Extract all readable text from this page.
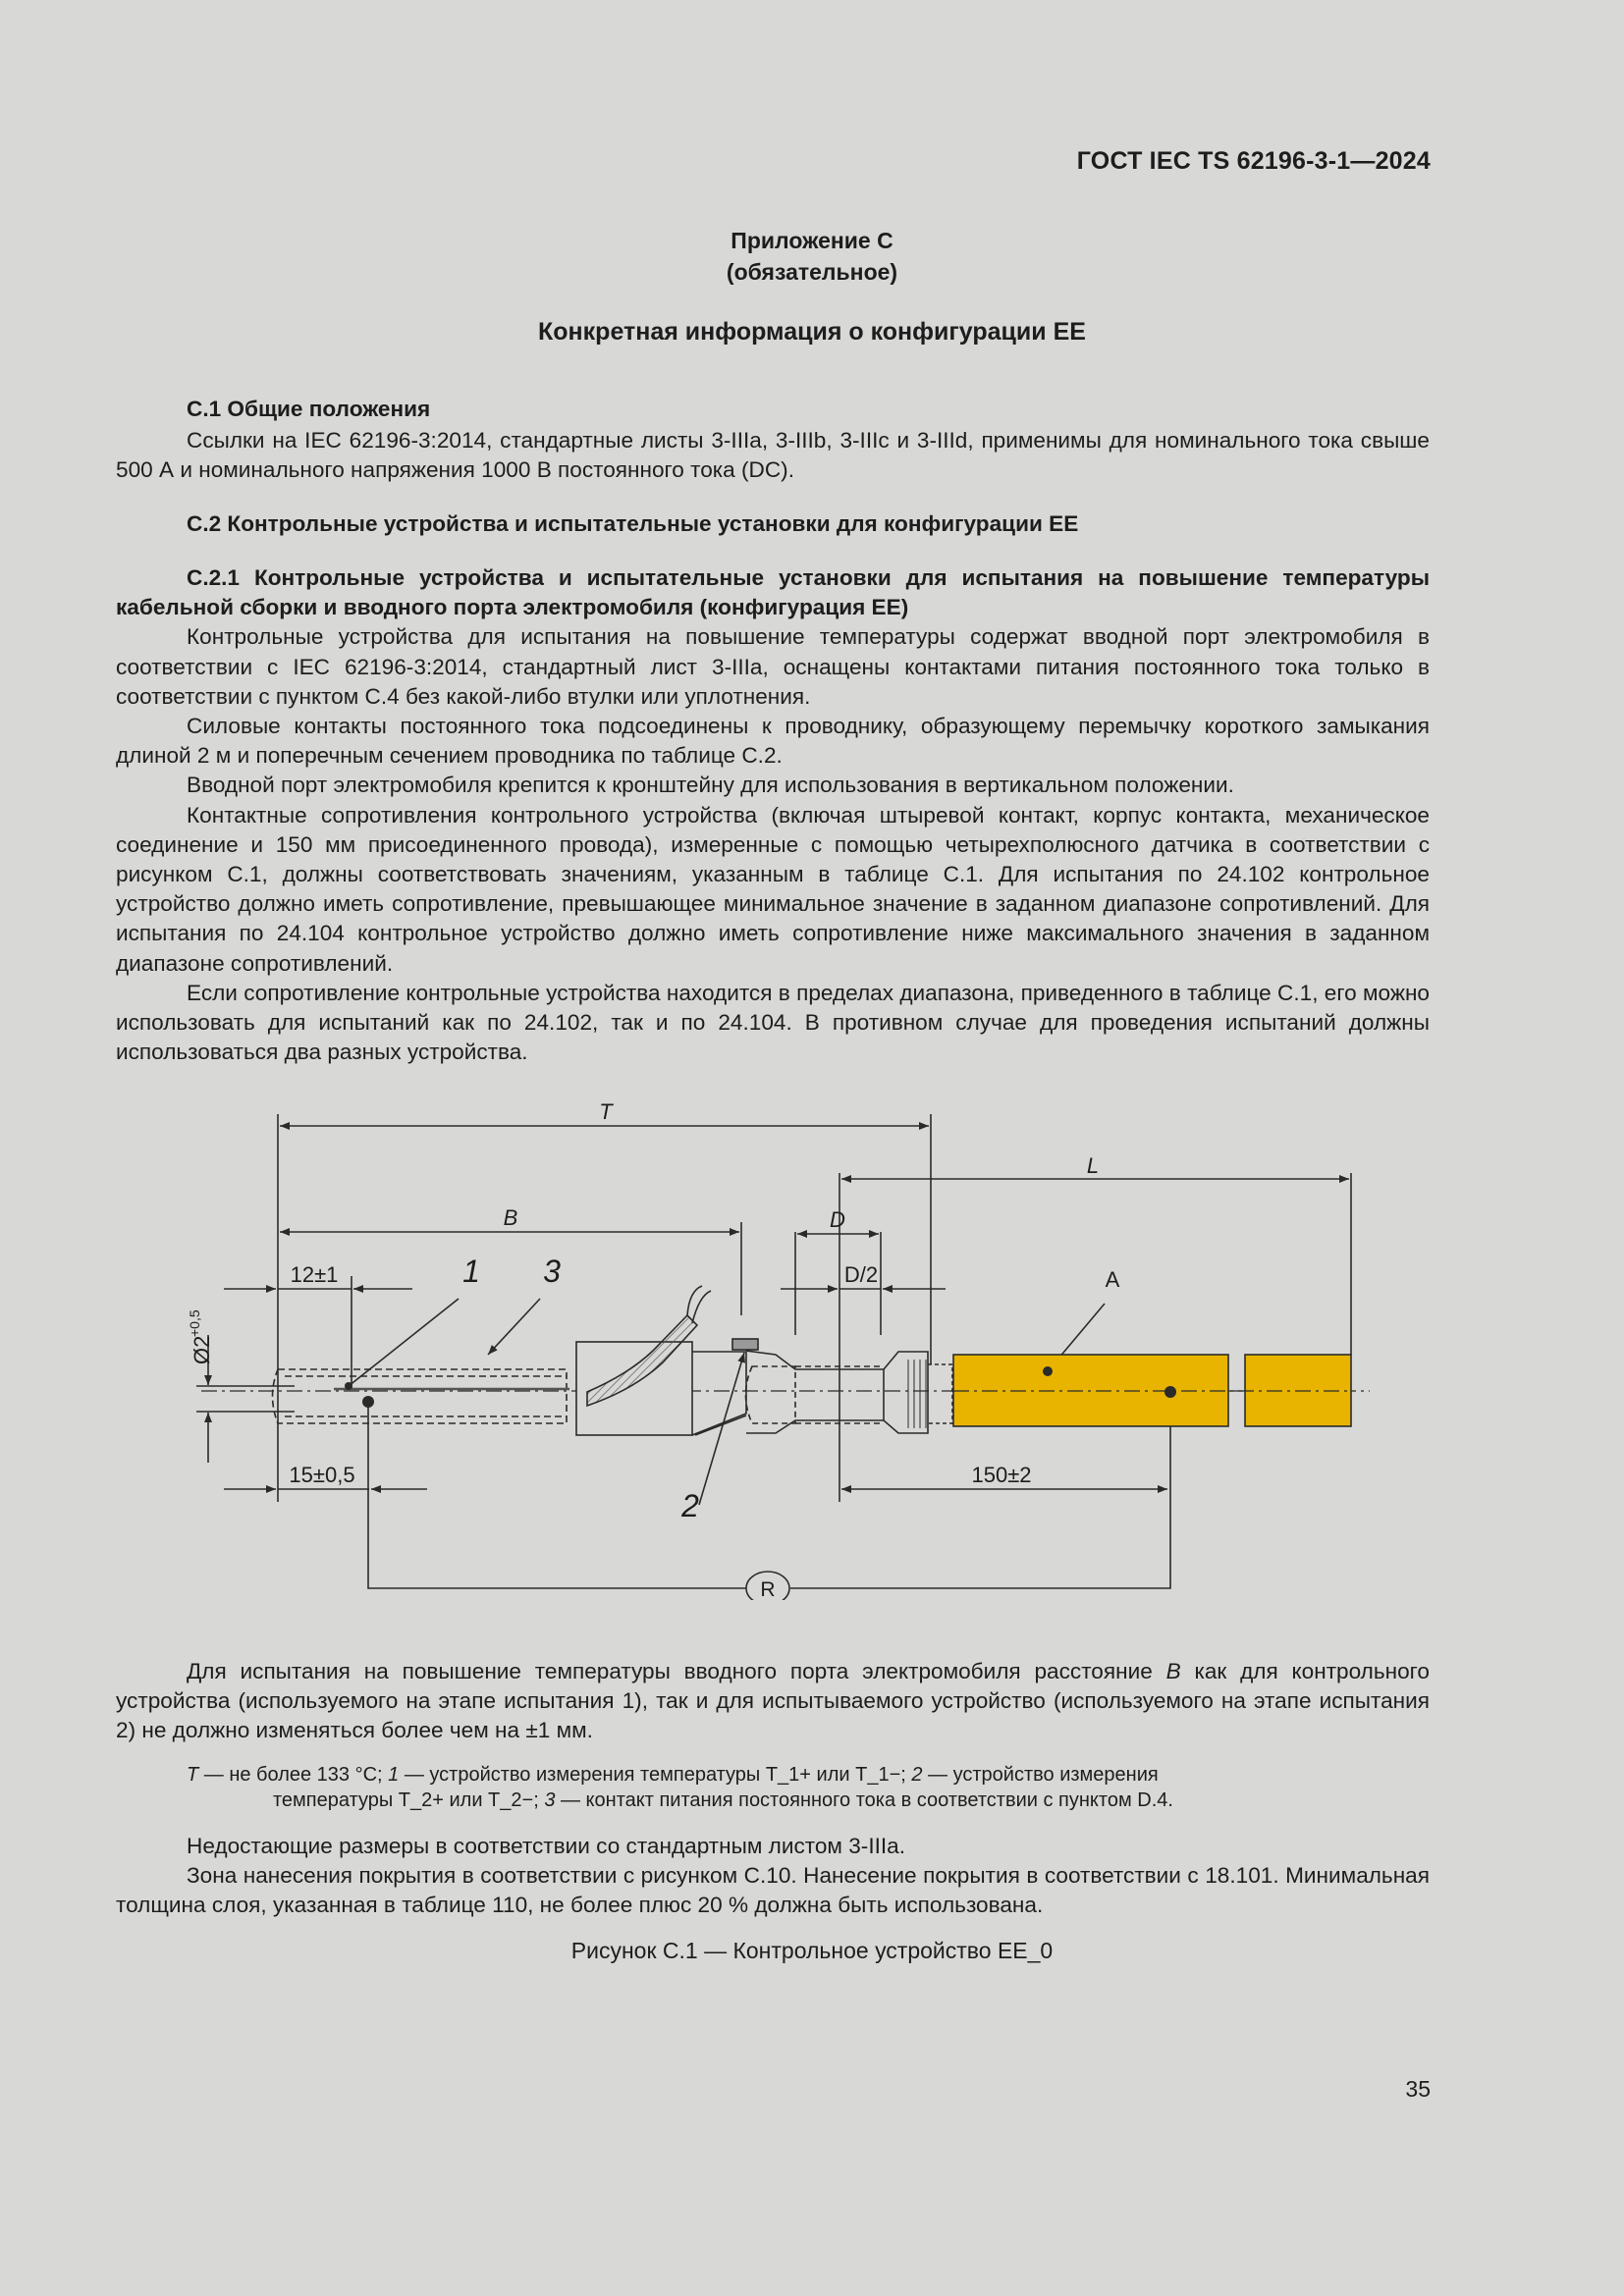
ГОСТ IEC TS 62196-3-1—2024
Приложение С
(обязательное)
Конкретная информация о конфигурации ЕЕ

С.1 Общие положения

Ссылки на IEC 62196-3:2014, стандартные листы 3-IIIa, 3-IIIb, 3-IIIc и 3-IIId, применимы для номинального тока свыше 500 А и номинального напряжения 1000 В постоянного тока (DC).

С.2 Контрольные устройства и испытательные установки для конфигурации ЕЕ

С.2.1 Контрольные устройства и испытательные установки для испытания на повышение температуры кабельной сборки и вводного порта электромобиля (конфигурация ЕЕ)

Контрольные устройства для испытания на повышение температуры содержат вводной порт электромобиля в соответствии с IEC 62196-3:2014, стандартный лист 3-IIIa, оснащены контактами питания постоянного тока только в соответствии с пунктом С.4 без какой-либо втулки или уплотнения.

Силовые контакты постоянного тока подсоединены к проводнику, образующему перемычку короткого замыкания длиной 2 м и поперечным сечением проводника по таблице С.2.

Вводной порт электромобиля крепится к кронштейну для использования в вертикальном положении.

Контактные сопротивления контрольного устройства (включая штыревой контакт, корпус контакта, механическое соединение и 150 мм присоединенного провода), измеренные с помощью четырехполюсного датчика в соответствии с рисунком С.1, должны соответствовать значениям, указанным в таблице С.1. Для испытания по 24.102 контрольное устройство должно иметь сопротивление, превышающее минимальное значение в заданном диапазоне сопротивлений. Для испытания по 24.104 контрольное устройство должно иметь сопротивление ниже максимального значения в заданном диапазоне сопротивлений.

Если сопротивление контрольные устройства находится в пределах диапазона, приведенного в таблице С.1, его можно использовать для испытаний как по 24.102, так и по 24.104. В противном случае для проведения испытаний должны использоваться два разных устройства.

R
T
L
B	D
D/2
12±1
15±0,5	150±2
A
1 3
2
Ø2
+0,5

Для испытания на повышение температуры вводного порта электромобиля расстояние B как для контрольного устройства (используемого на этапе испытания 1), так и для испытываемого устройство (используемого на этапе испытания 2) не должно изменяться более чем на ±1 мм.

T — не более 133 °С; 1 — устройство измерения температуры T_1+ или T_1−; 2 — устройство измерения
температуры T_2+ или T_2−; 3 — контакт питания постоянного тока в соответствии с пунктом D.4.

Недостающие размеры в соответствии со стандартным листом 3-IIIa.

Зона нанесения покрытия в соответствии с рисунком С.10. Нанесение покрытия в соответствии с 18.101. Минимальная толщина слоя, указанная в таблице 110, не более плюс 20 % должна быть использована.

Рисунок С.1 — Контрольное устройство ЕЕ_0
35
